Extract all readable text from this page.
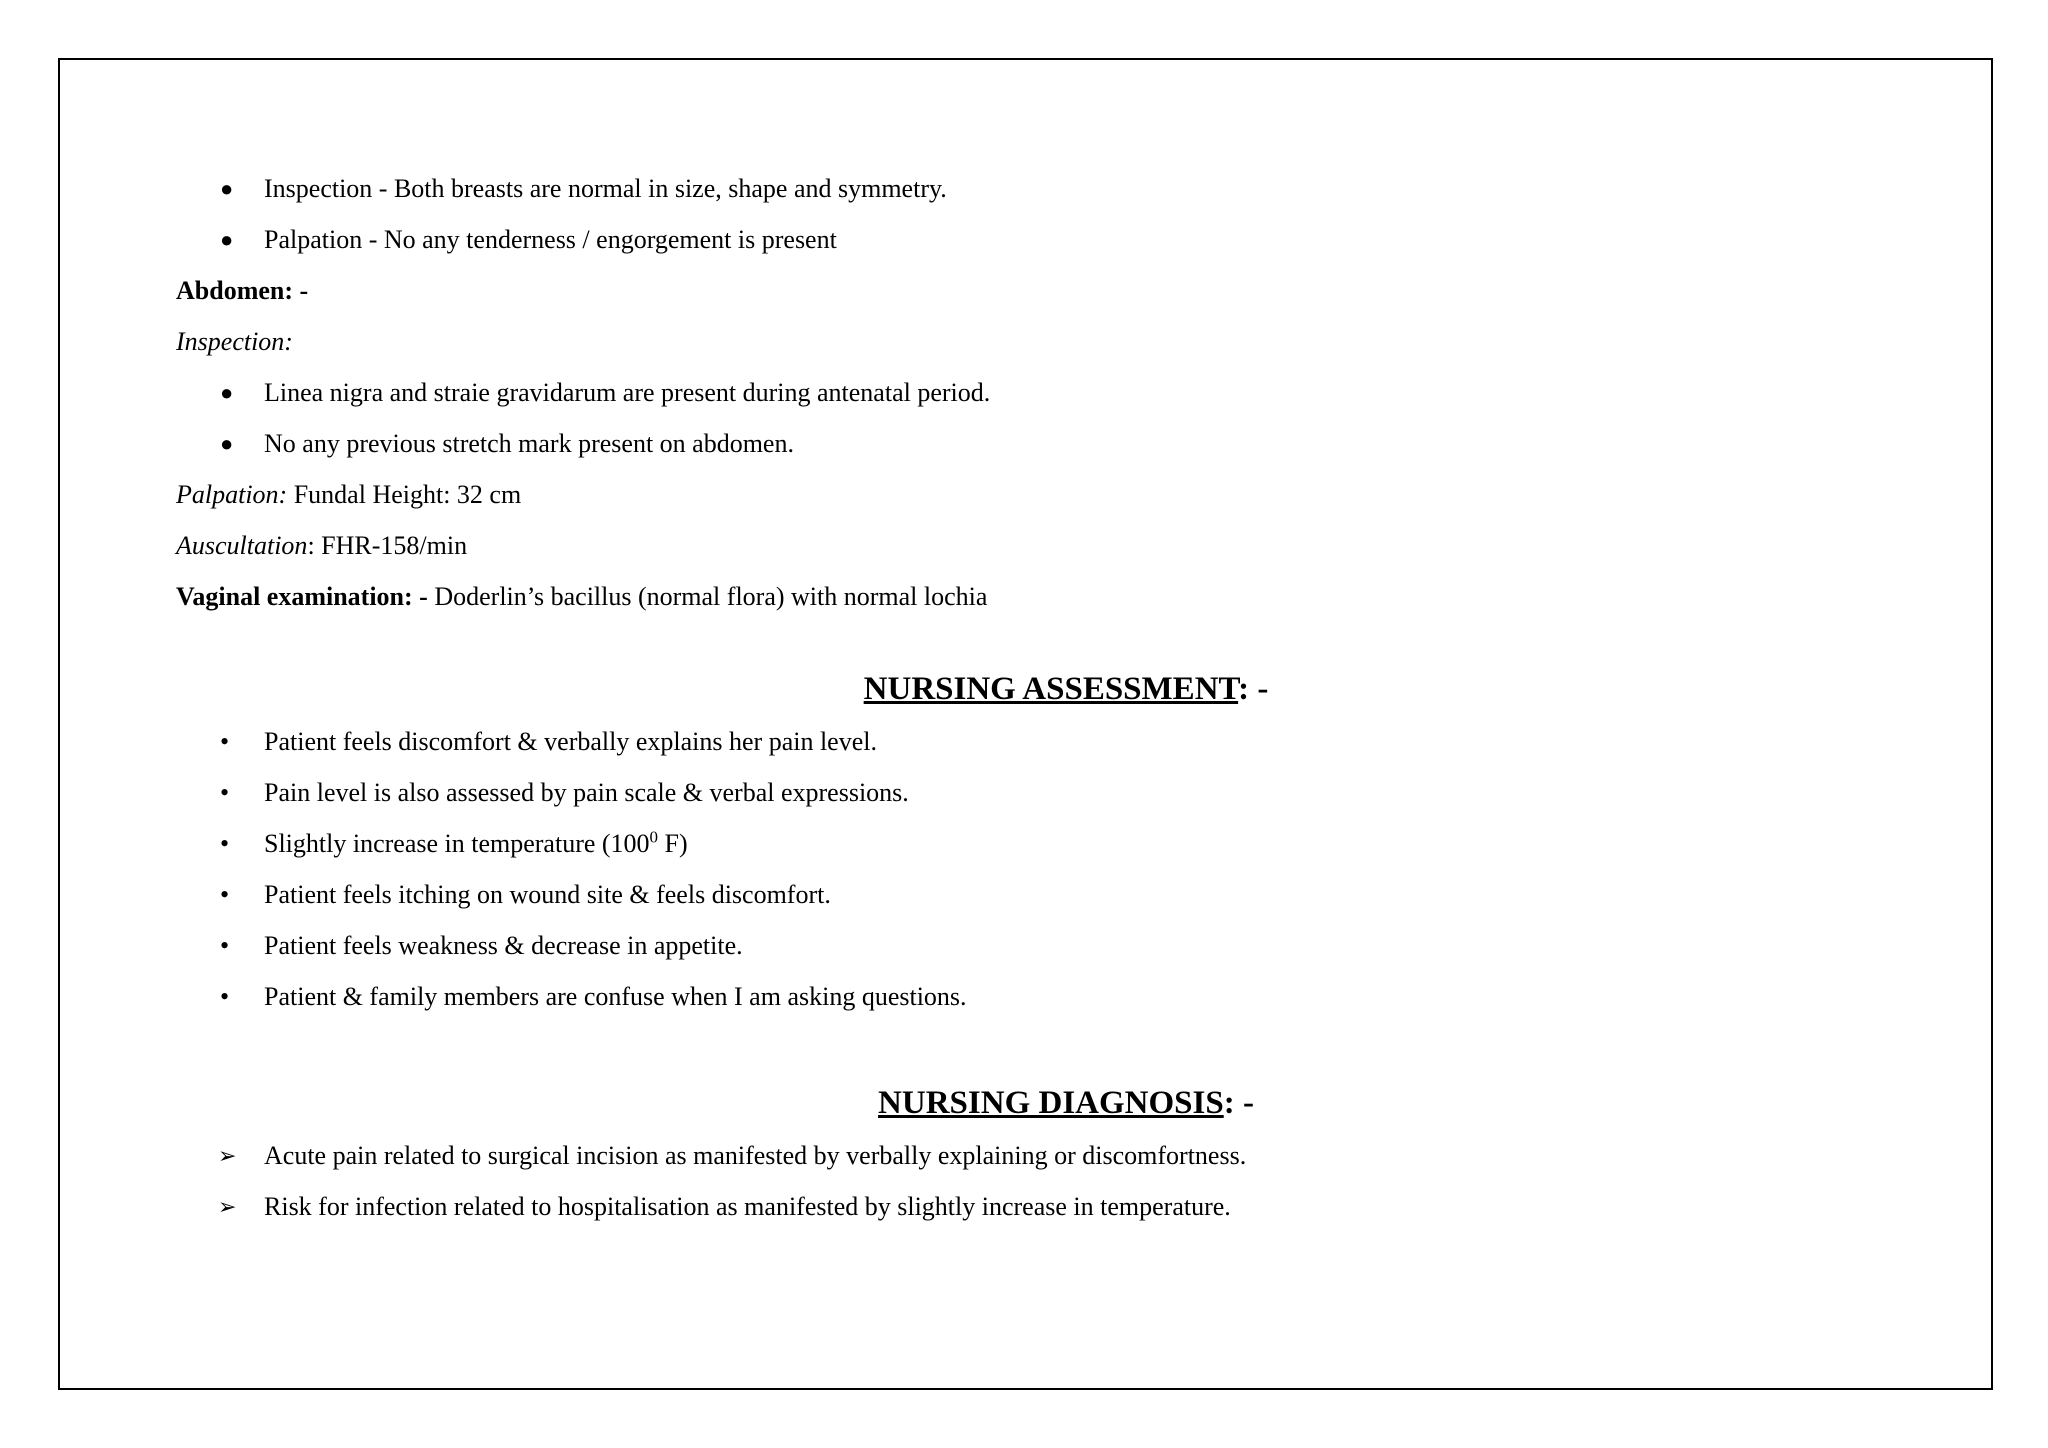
●	Inspection - Both breasts are normal in size, shape and symmetry.
●	Palpation - No any tenderness / engorgement is present
Abdomen: -
Inspection:
●	Linea nigra and straie gravidarum are present during antenatal period.
●	No any previous stretch mark present on abdomen.
Palpation: Fundal Height: 32 cm
Auscultation: FHR-158/min
Vaginal examination: - Doderlin’s bacillus (normal flora) with normal lochia
NURSING ASSESSMENT: -
•	Patient feels discomfort & verbally explains her pain level.
•	Pain level is also assessed by pain scale & verbal expressions.
•	Slightly increase in temperature ($100^0$ F)
•	Patient feels itching on wound site & feels discomfort.
•	Patient feels weakness & decrease in appetite.
•	Patient & family members are confuse when I am asking questions.
NURSING DIAGNOSIS: -
➢	Acute pain related to surgical incision as manifested by verbally explaining or discomfortness.
➢	Risk for infection related to hospitalisation as manifested by slightly increase in temperature.
